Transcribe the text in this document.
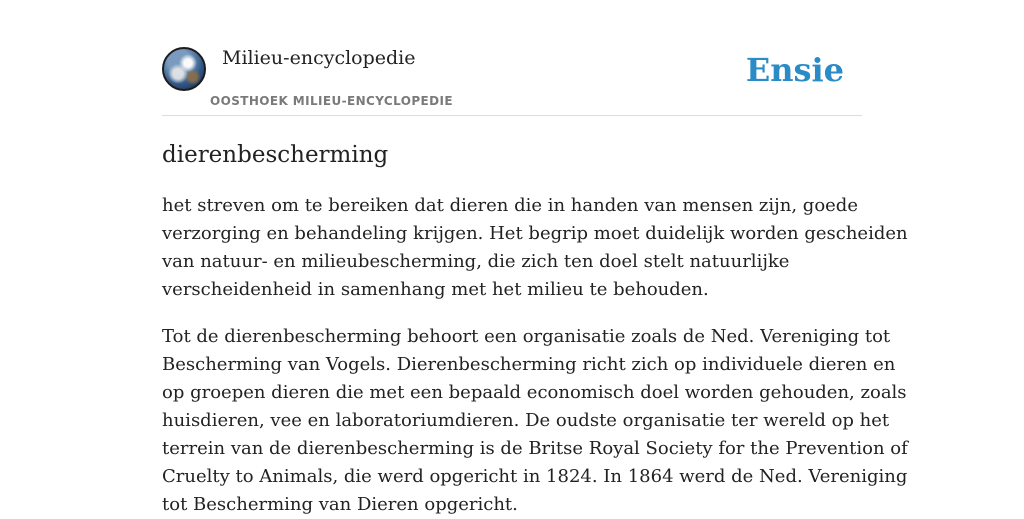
Milieu-encyclopedie
OOSTHOEK MILIEU-ENCYCLOPEDIE
Ensie
dierenbescherming

het streven om te bereiken dat dieren die in handen van mensen zijn, goede
verzorging en behandeling krijgen. Het begrip moet duidelijk worden gescheiden
van natuur- en milieubescherming, die zich ten doel stelt natuurlijke
verscheidenheid in samenhang met het milieu te behouden.

Tot de dierenbescherming behoort een organisatie zoals de Ned. Vereniging tot
Bescherming van Vogels. Dierenbescherming richt zich op individuele dieren en
op groepen dieren die met een bepaald economisch doel worden gehouden, zoals
huisdieren, vee en laboratoriumdieren. De oudste organisatie ter wereld op het
terrein van de dierenbescherming is de Britse Royal Society for the Prevention of
Cruelty to Animals, die werd opgericht in 1824. In 1864 werd de Ned. Vereniging
tot Bescherming van Dieren opgericht.
